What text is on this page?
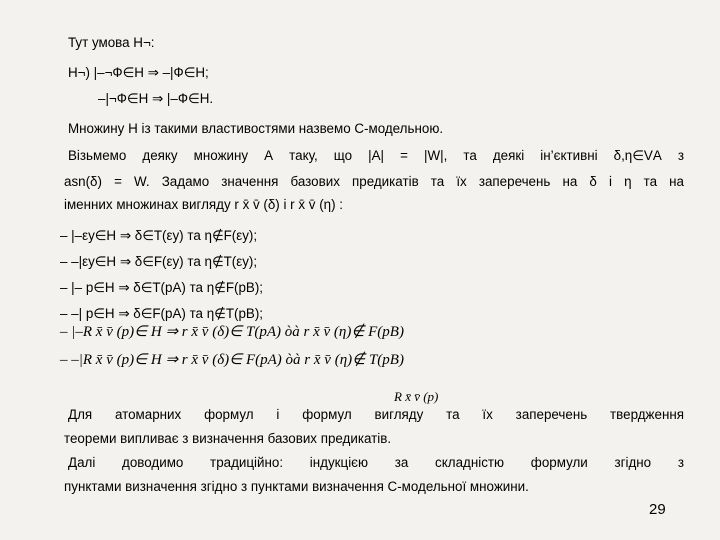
Тут умова Н¬:
Н¬) |–¬Ф∈Н ⇒ –|Ф∈Н;
–|¬Ф∈Н ⇒ |–Ф∈Н.
Множину Н із такими властивостями назвемо С-модельною.
Візьмемо деяку множину А таку, що |A| = |W|, та деякі ін’єктивні δ,η∈VА з
asn(δ) = W. Задамо значення базових предикатів та їх заперечень на δ і η та на
іменних множинах вигляду r x̄ v̄ (δ) і r x̄ v̄ (η) :
– |–εy∈H ⇒ δ∈T(εy) та η∉F(εy);
– –|εy∈H ⇒ δ∈F(εy) та η∉T(εy);
– |– p∈H ⇒ δ∈T(pA) та η∉F(pB);
– –| p∈H ⇒ δ∈F(pA) та η∉T(pB);
– |–R x̄ v̄ (p)∈ H ⇒ r x̄ v̄ (δ)∈ T(pA) òà r x̄ v̄ (η)∉ F(pB)
– –|R x̄ v̄ (p)∈ H ⇒ r x̄ v̄ (δ)∈ F(pA) òà r x̄ v̄ (η)∉ T(pB)
R x̄ v̄ (p)
Для атомарних формул і формул вигляду та їх заперечень твердження
теореми випливає з визначення базових предикатів.
Далі доводимо традиційно: індукцією за складністю формули згідно з
пунктами визначення згідно з пунктами визначення С-модельної множини.
29
